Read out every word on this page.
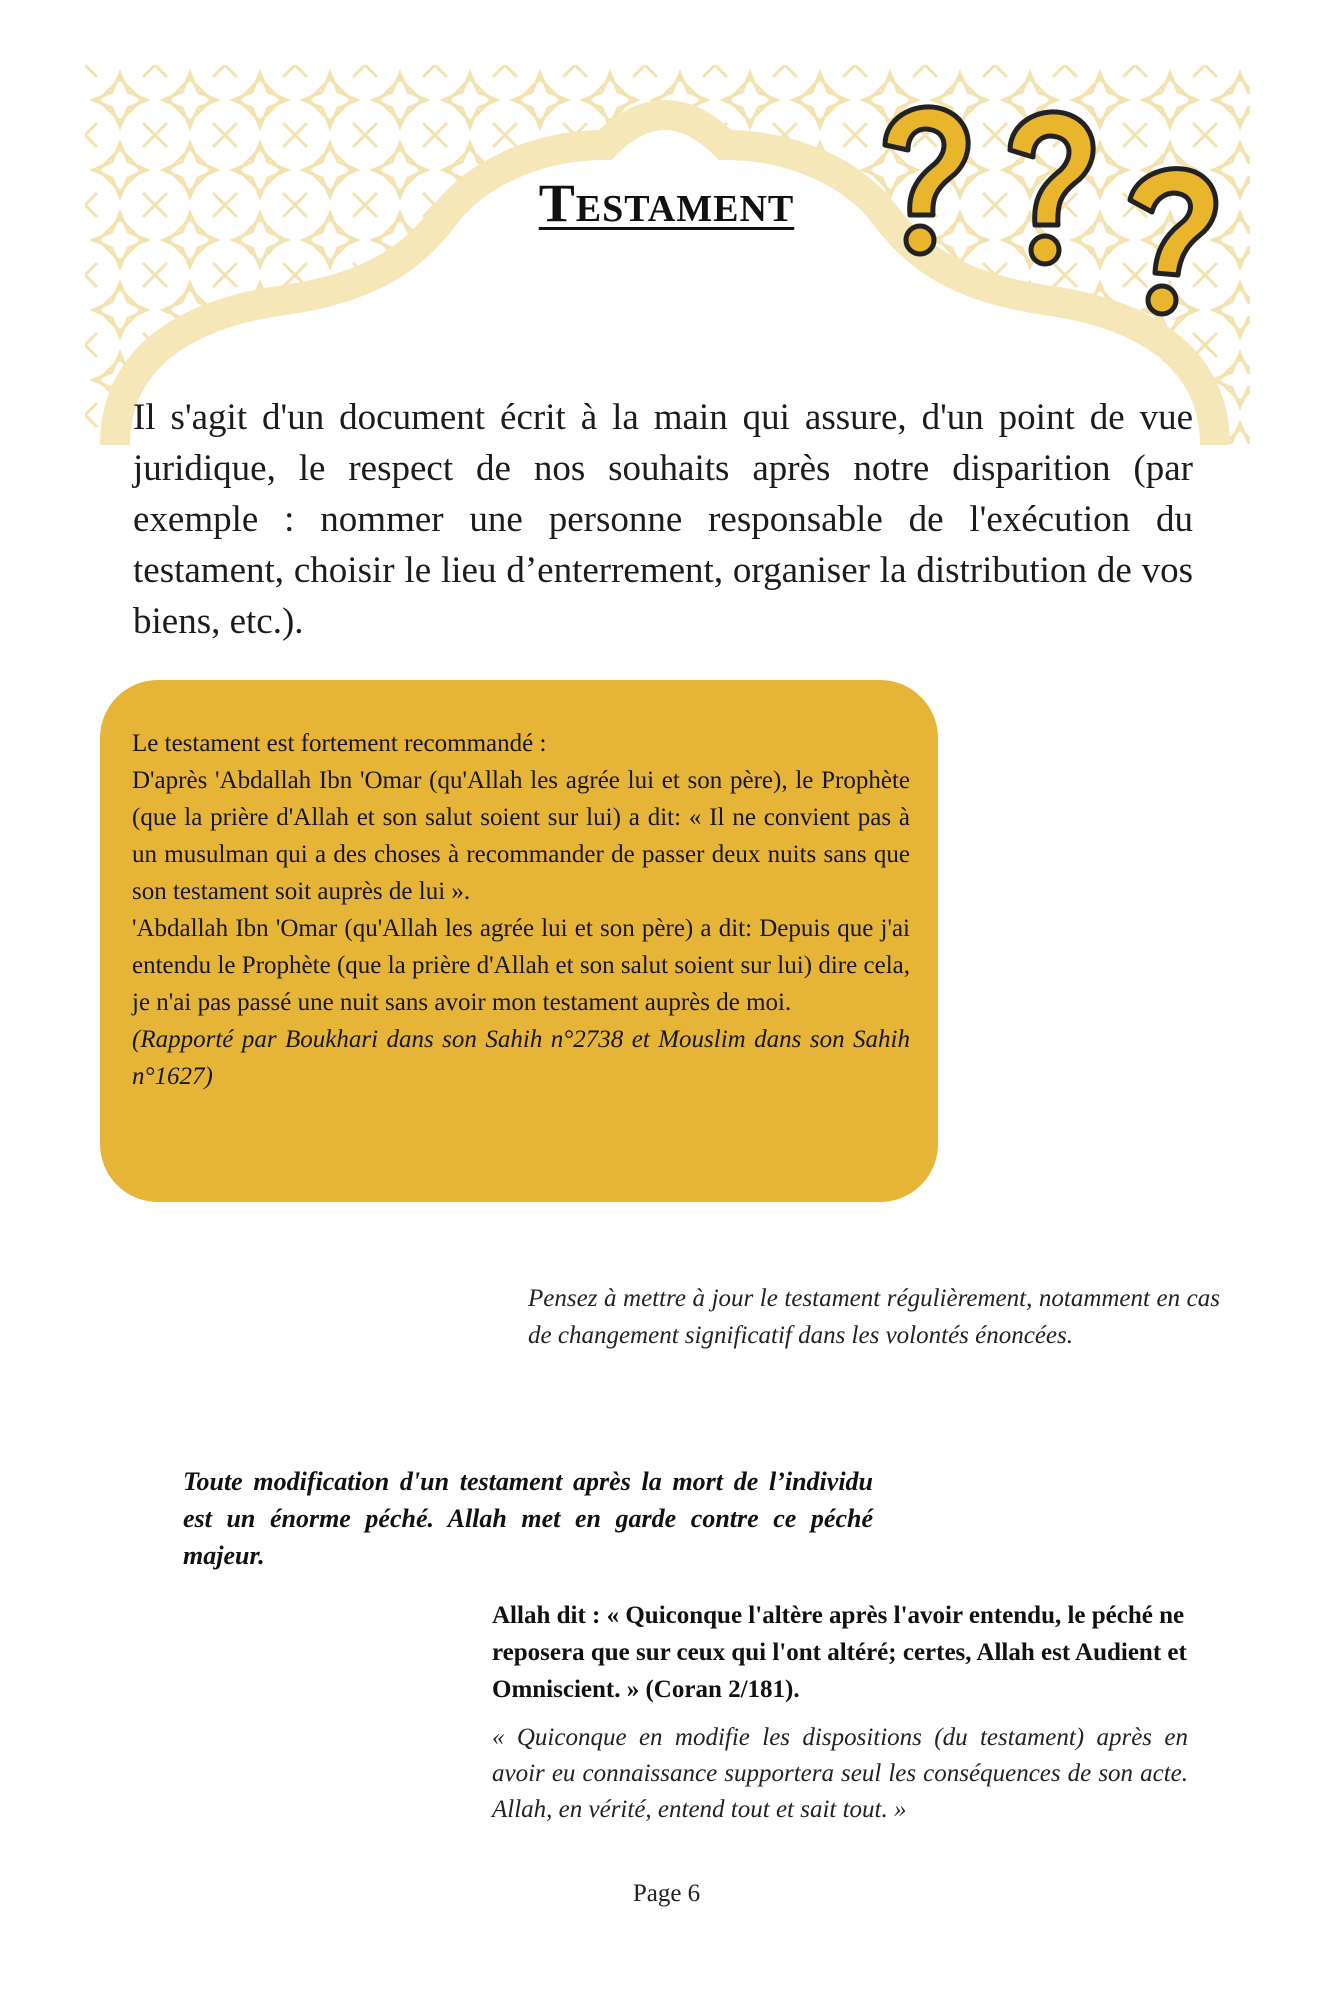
Testament
Il s'agit d'un document écrit à la main qui assure, d'un point de vue juridique, le respect de nos souhaits après notre disparition (par exemple : nommer une personne responsable de l'exécution du testament, choisir le lieu d’enterrement, organiser la distribution de vos biens, etc.).

Le testament est fortement recommandé :

D'après 'Abdallah Ibn 'Omar (qu'Allah les agrée lui et son père), le Prophète (que la prière d'Allah et son salut soient sur lui) a dit: « Il ne convient pas à un musulman qui a des choses à recommander de passer deux nuits sans que son testament soit auprès de lui ».

'Abdallah Ibn 'Omar (qu'Allah les agrée lui et son père) a dit: Depuis que j'ai entendu le Prophète (que la prière d'Allah et son salut soient sur lui) dire cela, je n'ai pas passé une nuit sans avoir mon testament auprès de moi.

(Rapporté par Boukhari dans son Sahih n°2738 et Mouslim dans son Sahih n°1627)

Pensez à mettre à jour le testament régulièrement, notamment en cas de changement significatif dans les volontés énoncées.
Toute modification d'un testament après la mort de l’individu est un énorme péché. Allah met en garde contre ce péché majeur.
Allah dit : « Quiconque l'altère après l'avoir entendu, le péché ne reposera que sur ceux qui l'ont altéré; certes, Allah est Audient et Omniscient. » (Coran 2/181).
« Quiconque en modifie les dispositions (du testament) après en avoir eu connaissance supportera seul les conséquences de son acte. Allah, en vérité, entend tout et sait tout. »
Page 6
